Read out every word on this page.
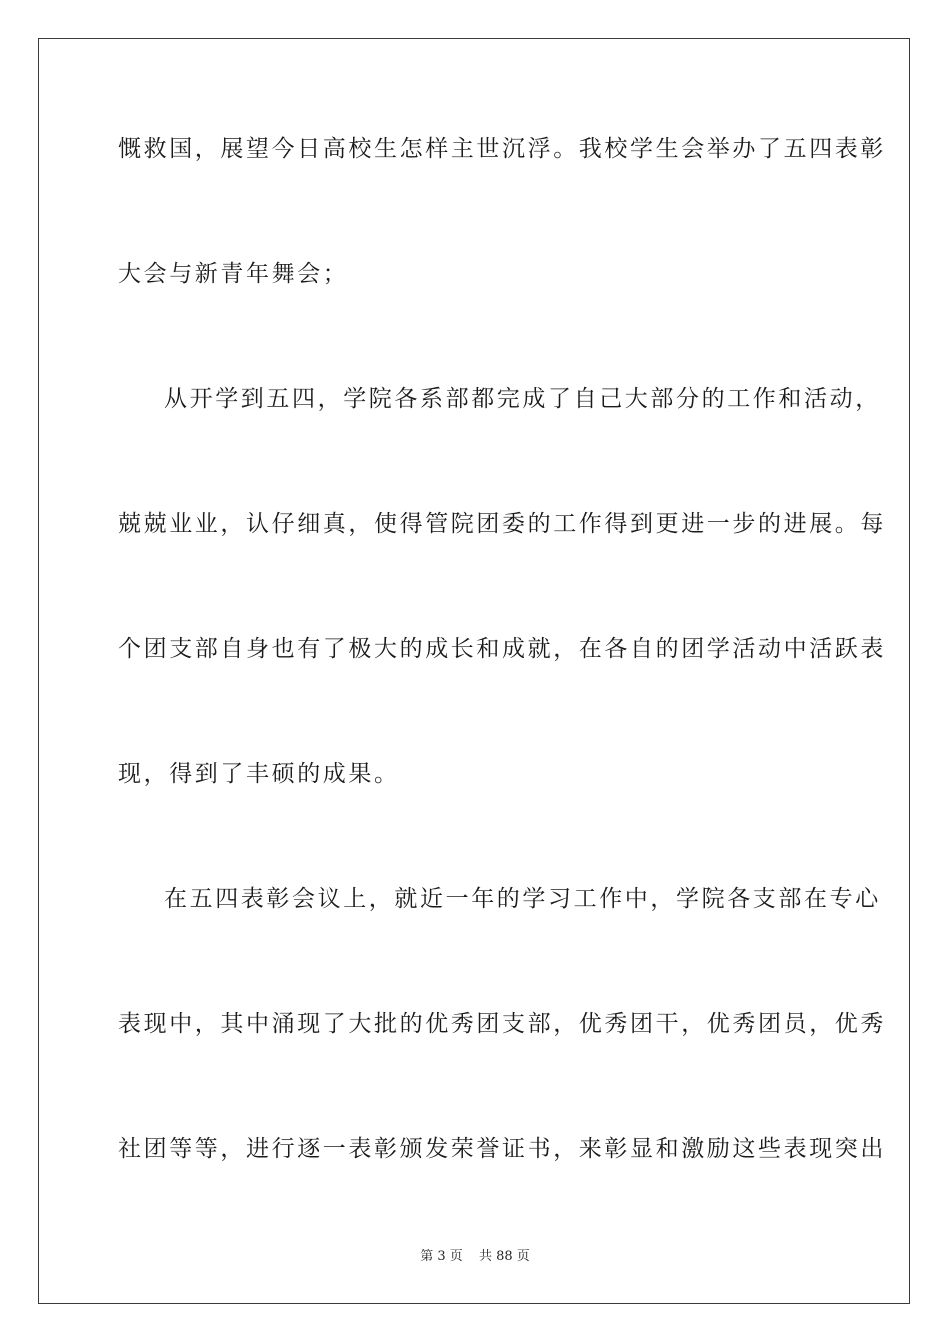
慨救国，展望今日高校生怎样主世沉浮。我校学生会举办了五四表彰
大会与新青年舞会；
从开学到五四，学院各系部都完成了自己大部分的工作和活动，
兢兢业业，认仔细真，使得管院团委的工作得到更进一步的进展。每
个团支部自身也有了极大的成长和成就，在各自的团学活动中活跃表
现，得到了丰硕的成果。
在五四表彰会议上，就近一年的学习工作中，学院各支部在专心
表现中，其中涌现了大批的优秀团支部，优秀团干，优秀团员，优秀
社团等等，进行逐一表彰颁发荣誉证书，来彰显和激励这些表现突出
第 3 页 共 88 页
